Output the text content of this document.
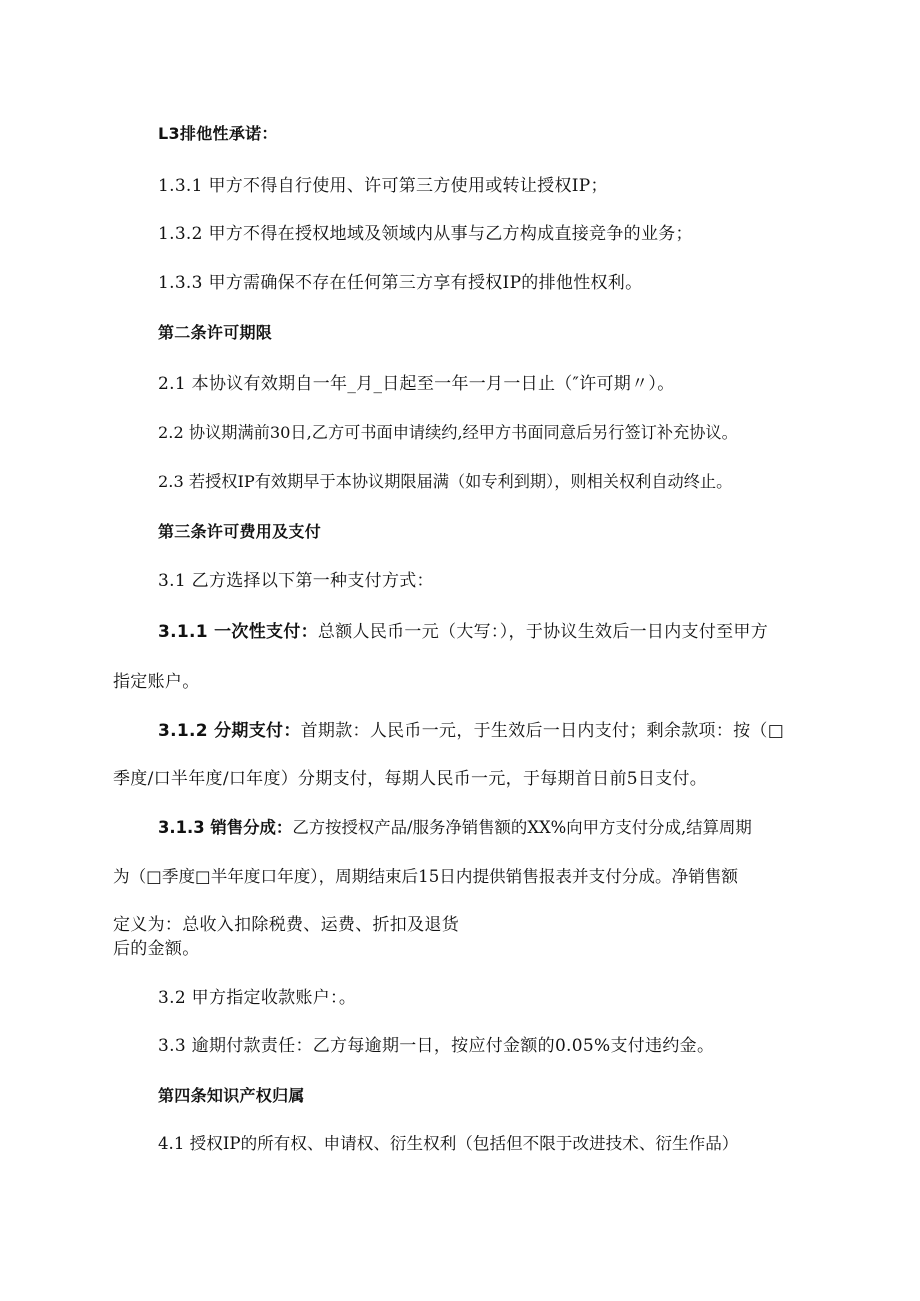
L3排他性承诺：
1.3.1 甲方不得自行使用、许可第三方使用或转让授权IP；
1.3.2 甲方不得在授权地域及领域内从事与乙方构成直接竞争的业务；
1.3.3 甲方需确保不存在任何第三方享有授权IP的排他性权利。
第二条许可期限
2.1 本协议有效期自一年_月_日起至一年一月一日止（″许可期〃）。
2.2 协议期满前30日,乙方可书面申请续约,经甲方书面同意后另行签订补充协议。
2.3 若授权IP有效期早于本协议期限届满（如专利到期），则相关权利自动终止。
第三条许可费用及支付
3.1 乙方选择以下第一种支付方式：
3.1.1 一次性支付：总额人民币一元（大写：），于协议生效后一日内支付至甲方
指定账户。
3.1.2 分期支付：首期款：人民币一元，于生效后一日内支付；剩余款项：按（□
季度/口半年度/口年度）分期支付，每期人民币一元，于每期首日前5日支付。
3.1.3 销售分成：乙方按授权产品/服务净销售额的XX%向甲方支付分成,结算周期
为（□季度□半年度口年度），周期结束后15日内提供销售报表并支付分成。净销售额
定义为：总收入扣除税费、运费、折扣及退货
后的金额。
3.2 甲方指定收款账户：。
3.3 逾期付款责任：乙方每逾期一日，按应付金额的0.05%支付违约金。
第四条知识产权归属
4.1 授权IP的所有权、申请权、衍生权利（包括但不限于改进技术、衍生作品）
